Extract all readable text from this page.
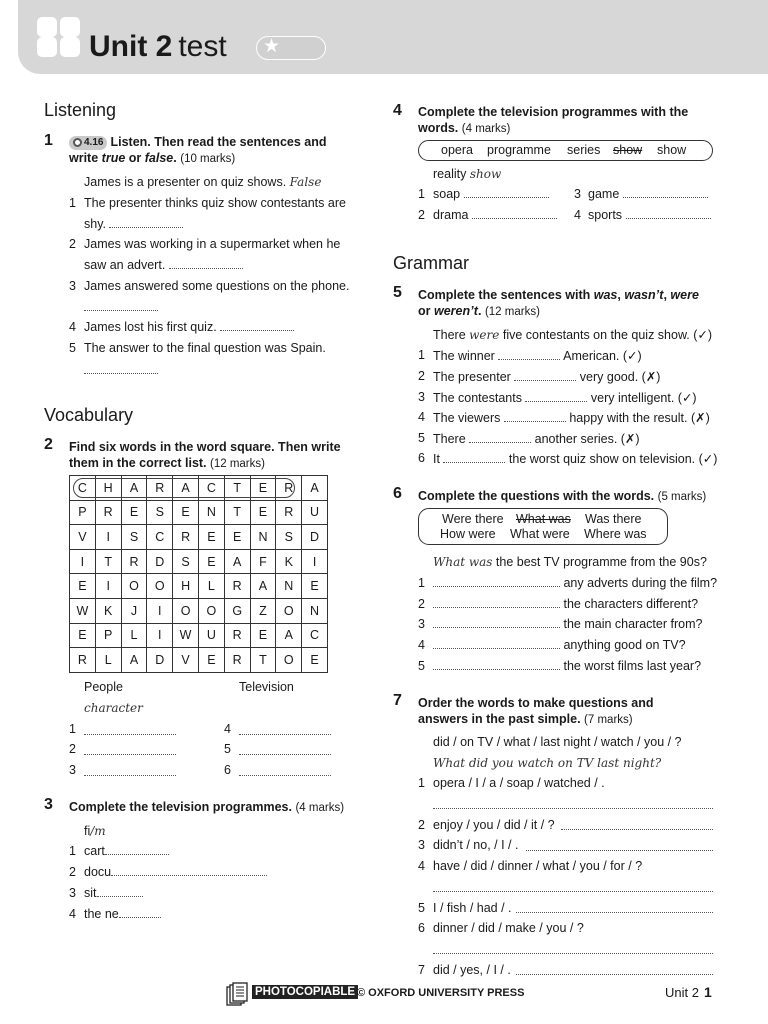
Unit 2 test	★
Listening
1	4.16 Listen. Then read the sentences and
write true or false. (10 marks)
James is a presenter on quiz shows. False
1 The presenter thinks quiz show contestants are
shy.
2 James was working in a supermarket when he
saw an advert.
3 James answered some questions on the phone.
4 James lost his first quiz.
5 The answer to the final question was Spain.
Vocabulary
2 Find six words in the word square. Then write
them in the correct list. (12 marks)
C	H	A	R	A	C	T	E	R	A
P	R	E	S	E	N	T	E	R	U
V	I	S	C	R	E	E	N	S	D
I	T	R	D	S	E	A	F	K	I
E	I	O	O	H	L	R	A	N	E
W	K	J	I	O	O	G	Z	O	N
E	P	L	I	W	U	R	E	A	C
R	L	A	D	V	E	R	T	O	E
People	Television
character
1
2
3
4
5
6
3 Complete the television programmes. (4 marks)
fi/m
1 cart
2 docu
3 sit
4 the ne
4 Complete the television programmes with the
words. (4 marks)
opera programme series show show
reality show
1 soap
2 drama
3 game
4 sports
Grammar
5 Complete the sentences with was, wasn’t, were
or weren’t. (12 marks)
There were five contestants on the quiz show. (✓)
1 The winner	American. (✓)
2 The presenter	very good. (✗)
3 The contestants	very intelligent. (✓)
4 The viewers	happy with the result. (✗)
5 There	another series. (✗)
6 It	the worst quiz show on television. (✓)
6 Complete the questions with the words. (5 marks)
Were there What was Was there
How were What were Where was
What was the best TV programme from the 90s?
1	any adverts during the film?
2	the characters different?
3	the main character from?
4	anything good on TV?
5	the worst films last year?
7 Order the words to make questions and
answers in the past simple. (7 marks)
did / on TV / what / last night / watch / you / ?
What did you watch on TV last night?
1 opera / I / a / soap / watched / .
2 enjoy / you / did / it / ?
3 didn’t / no, / I / .
4 have / did / dinner / what / you / for / ?
5 I / fish / had / .
6 dinner / did / make / you / ?
7 did / yes, / I / .
PHOTOCOPIABLE © OXFORD UNIVERSITY PRESS	Unit 2 1
